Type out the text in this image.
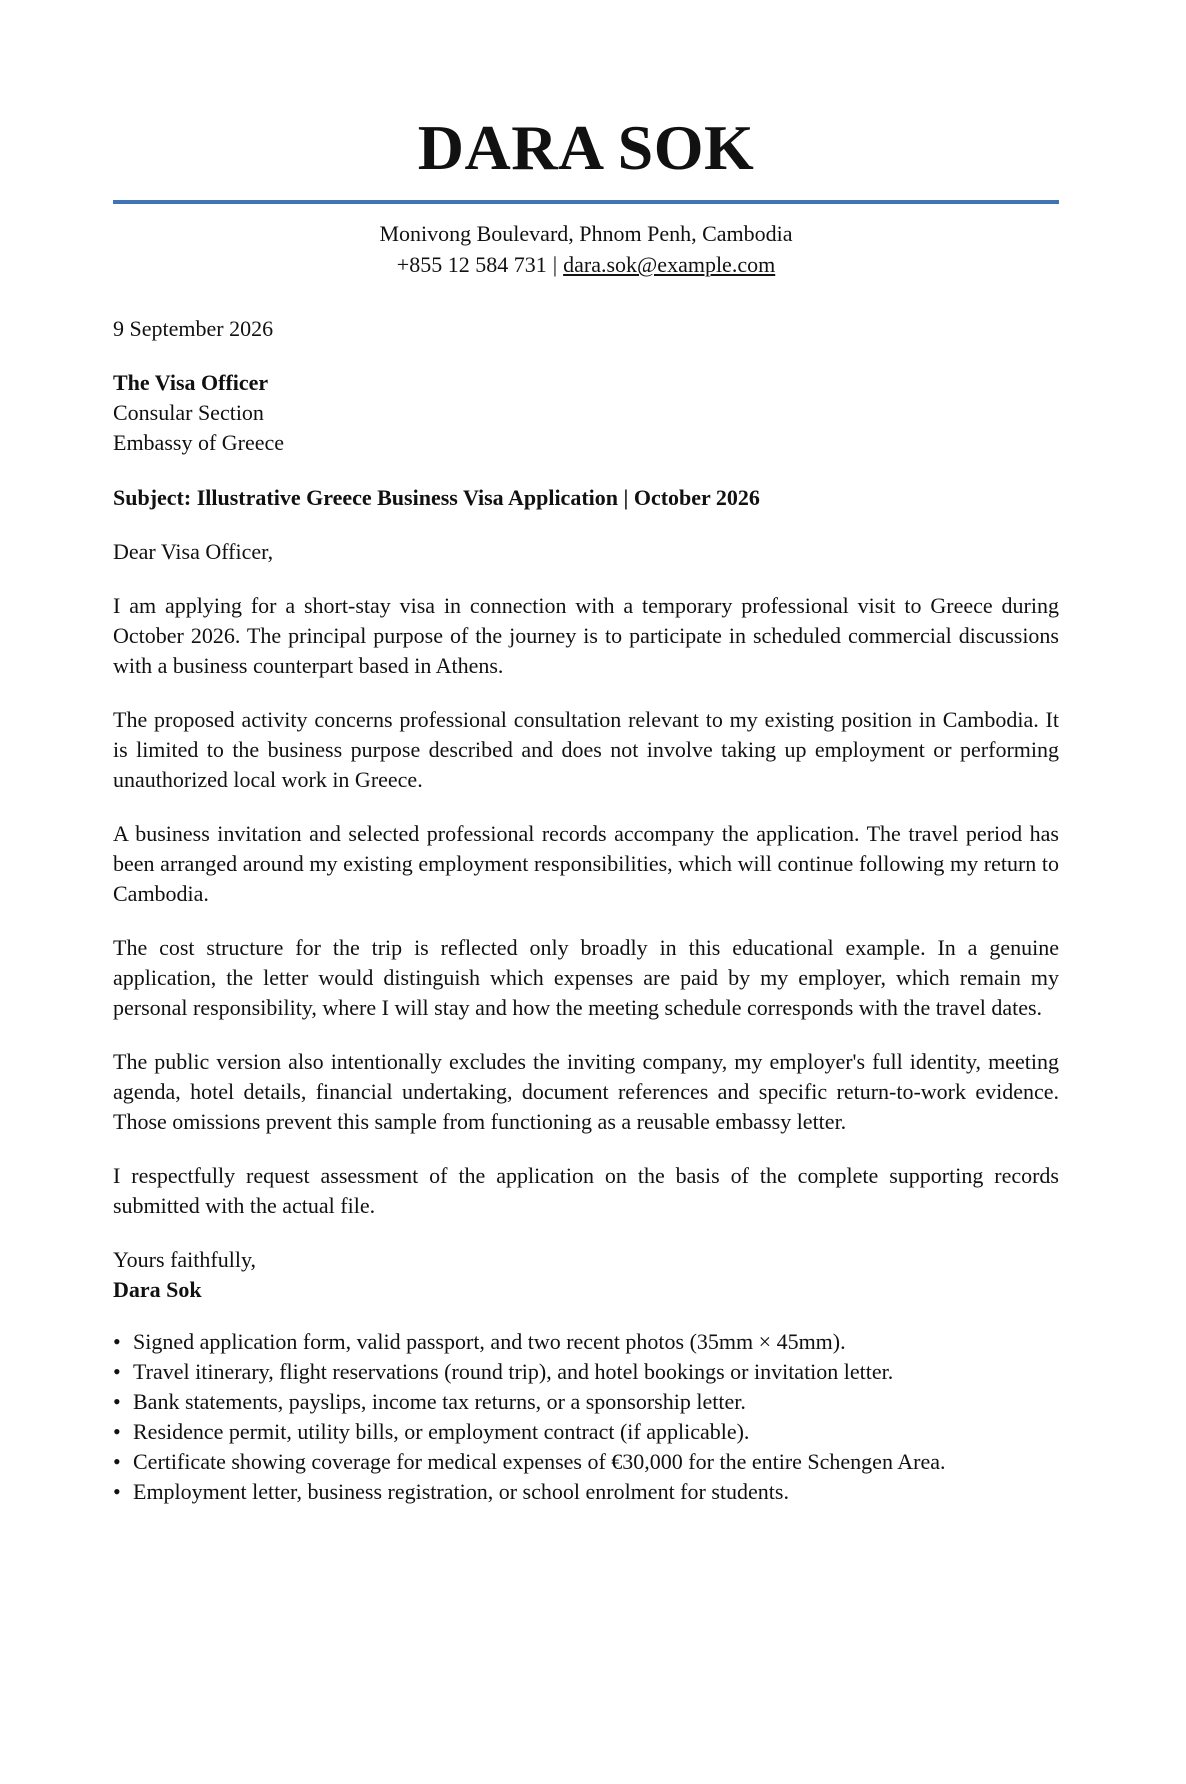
DARA SOK
Monivong Boulevard, Phnom Penh, Cambodia
+855 12 584 731 | dara.sok@example.com
9 September 2026
The Visa Officer
Consular Section
Embassy of Greece
Subject: Illustrative Greece Business Visa Application | October 2026
Dear Visa Officer,
I am applying for a short-stay visa in connection with a temporary professional visit to Greece during October 2026. The principal purpose of the journey is to participate in scheduled commercial discussions with a business counterpart based in Athens.
The proposed activity concerns professional consultation relevant to my existing position in Cambodia. It is limited to the business purpose described and does not involve taking up employment or performing unauthorized local work in Greece.
A business invitation and selected professional records accompany the application. The travel period has been arranged around my existing employment responsibilities, which will continue following my return to Cambodia.
The cost structure for the trip is reflected only broadly in this educational example. In a genuine application, the letter would distinguish which expenses are paid by my employer, which remain my personal responsibility, where I will stay and how the meeting schedule corresponds with the travel dates.
The public version also intentionally excludes the inviting company, my employer's full identity, meeting agenda, hotel details, financial undertaking, document references and specific return-to-work evidence. Those omissions prevent this sample from functioning as a reusable embassy letter.
I respectfully request assessment of the application on the basis of the complete supporting records submitted with the actual file.
Yours faithfully,
Dara Sok
• Signed application form, valid passport, and two recent photos (35mm × 45mm).
• Travel itinerary, flight reservations (round trip), and hotel bookings or invitation letter.
• Bank statements, payslips, income tax returns, or a sponsorship letter.
• Residence permit, utility bills, or employment contract (if applicable).
• Certificate showing coverage for medical expenses of €30,000 for the entire Schengen Area.
• Employment letter, business registration, or school enrolment for students.
